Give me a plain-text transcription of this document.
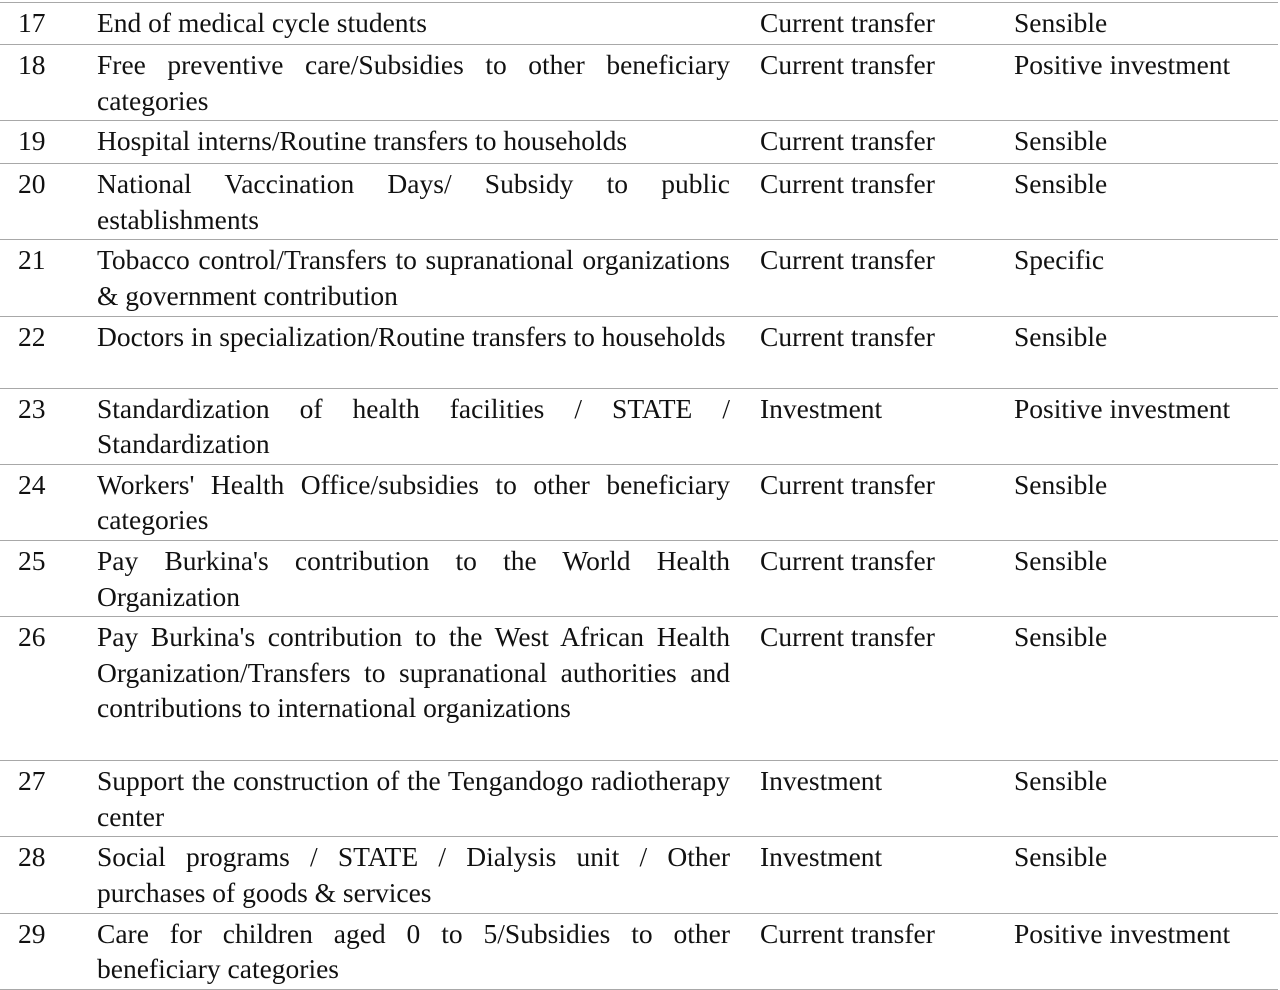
17	End of medical cycle students	Current transfer	Sensible
18	Free preventive care/Subsidies to other beneficiary categories	Current transfer	Positive investment
19	Hospital interns/Routine transfers to households	Current transfer	Sensible
20	National Vaccination Days/ Subsidy to public establishments	Current transfer	Sensible
21	Tobacco control/Transfers to supranational organizations & government contribution	Current transfer	Specific
22	Doctors in specialization/Routine transfers to households	Current transfer	Sensible
23	Standardization of health facilities / STATE / Standardization	Investment	Positive investment
24	Workers' Health Office/subsidies to other beneficiary categories	Current transfer	Sensible
25	Pay Burkina's contribution to the World Health Organization	Current transfer	Sensible
26	Pay Burkina's contribution to the West African Health Organization/Transfers to supranational authorities and contributions to international organizations	Current transfer	Sensible
27	Support the construction of the Tengandogo radiotherapy center	Investment	Sensible
28	Social programs / STATE / Dialysis unit / Other purchases of goods & services	Investment	Sensible
29	Care for children aged 0 to 5/Subsidies to other beneficiary categories	Current transfer	Positive investment
